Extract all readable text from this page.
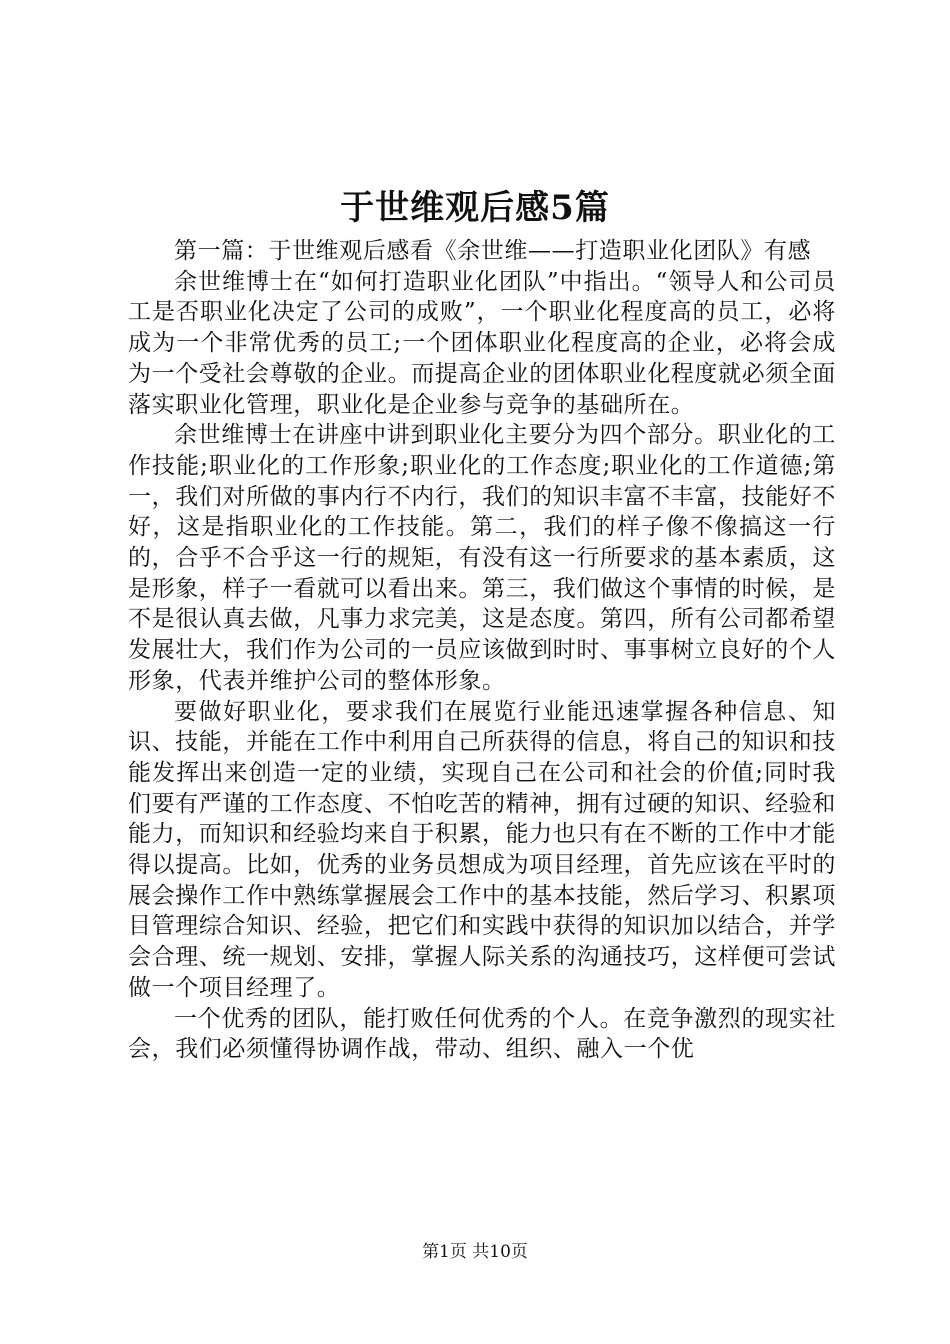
于世维观后感5篇

第一篇：于世维观后感看《余世维——打造职业化团队》有感

余世维博士在“如何打造职业化团队”中指出。“领导人和公司员工是否职业化决定了公司的成败”，一个职业化程度高的员工，必将成为一个非常优秀的员工;一个团体职业化程度高的企业，必将会成为一个受社会尊敬的企业。而提高企业的团体职业化程度就必须全面落实职业化管理，职业化是企业参与竞争的基础所在。

余世维博士在讲座中讲到职业化主要分为四个部分。职业化的工作技能;职业化的工作形象;职业化的工作态度;职业化的工作道德;第一，我们对所做的事内行不内行，我们的知识丰富不丰富，技能好不好，这是指职业化的工作技能。第二，我们的样子像不像搞这一行的，合乎不合乎这一行的规矩，有没有这一行所要求的基本素质，这是形象，样子一看就可以看出来。第三，我们做这个事情的时候，是不是很认真去做，凡事力求完美，这是态度。第四，所有公司都希望发展壮大，我们作为公司的一员应该做到时时、事事树立良好的个人形象，代表并维护公司的整体形象。

要做好职业化，要求我们在展览行业能迅速掌握各种信息、知识、技能，并能在工作中利用自己所获得的信息，将自己的知识和技能发挥出来创造一定的业绩，实现自己在公司和社会的价值;同时我们要有严谨的工作态度、不怕吃苦的精神，拥有过硬的知识、经验和能力，而知识和经验均来自于积累，能力也只有在不断的工作中才能得以提高。比如，优秀的业务员想成为项目经理，首先应该在平时的展会操作工作中熟练掌握展会工作中的基本技能，然后学习、积累项目管理综合知识、经验，把它们和实践中获得的知识加以结合，并学会合理、统一规划、安排，掌握人际关系的沟通技巧，这样便可尝试做一个项目经理了。

一个优秀的团队，能打败任何优秀的个人。在竞争激烈的现实社会，我们必须懂得协调作战，带动、组织、融入一个优

第1页 共10页
